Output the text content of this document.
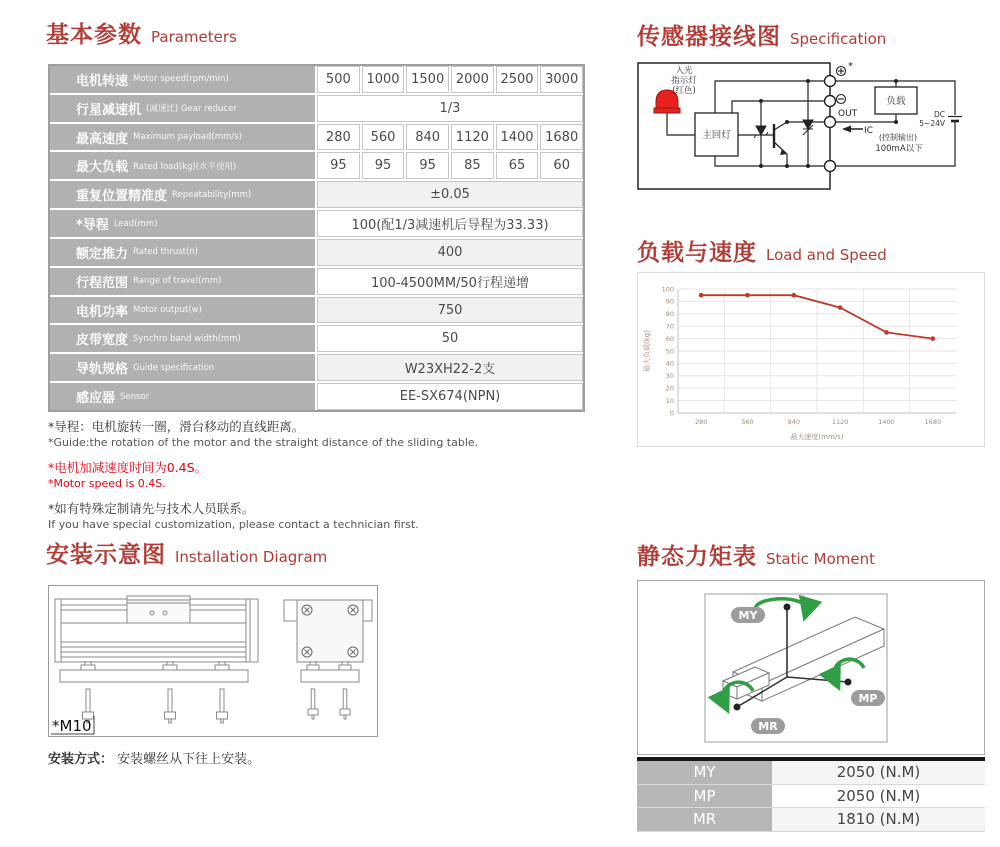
基本参数 Parameters
电机转速 Motor speed(rpm/min)	500	1000 1500 2000 2500 3000
行星减速机 (减速比) Gear reducer	1/3
最高速度 Maximum payload(mm/s)	280	560	840	1120 1400 1680
最大负载 Rated load(kg)(水平使用)	95	95	95	85	65	60
重复位置精准度 Repeatability(mm)	±0.05
*导程 Lead(mm)	100(配1/3减速机后导程为33.33)
额定推力 Rated thrust(n)	400
行程范围 Range of travel(mm)	100-4500MM/50行程递增
电机功率 Motor output(w)	750
皮带宽度 Synchro band width(mm)	50
导轨规格 Guide specification	W23XH22-2支
感应器 Sensor	EE-SX674(NPN)
*导程：电机旋转一圈，滑台移动的直线距离。
*Guide:the rotation of the motor and the straight distance of the sliding table.
*电机加减速度时间为0.4S。
*Motor speed is 0.4S.
*如有特殊定制请先与技术人员联系。
If you have special customization, please contact a technician first.
安装示意图 Installation Diagram
*M10
安装方式： 安装螺丝从下往上安装。
传感器接线图 Specification
主回灯
*
负载
OUT
IC
(控制输出)
100mA以下
DC
5~24V
入光
指示灯
(红色)
负载与速度 Load and Speed
0
10
20
30
40
50
60
70
80
90
100
280	560	840	1120	1400	1680
最大速度(mm/s)
最大负载(kg)
静态力矩表 Static Moment
MY
MP
MR
MY	2050 (N.M)
MP	2050 (N.M)
MR	1810 (N.M)
